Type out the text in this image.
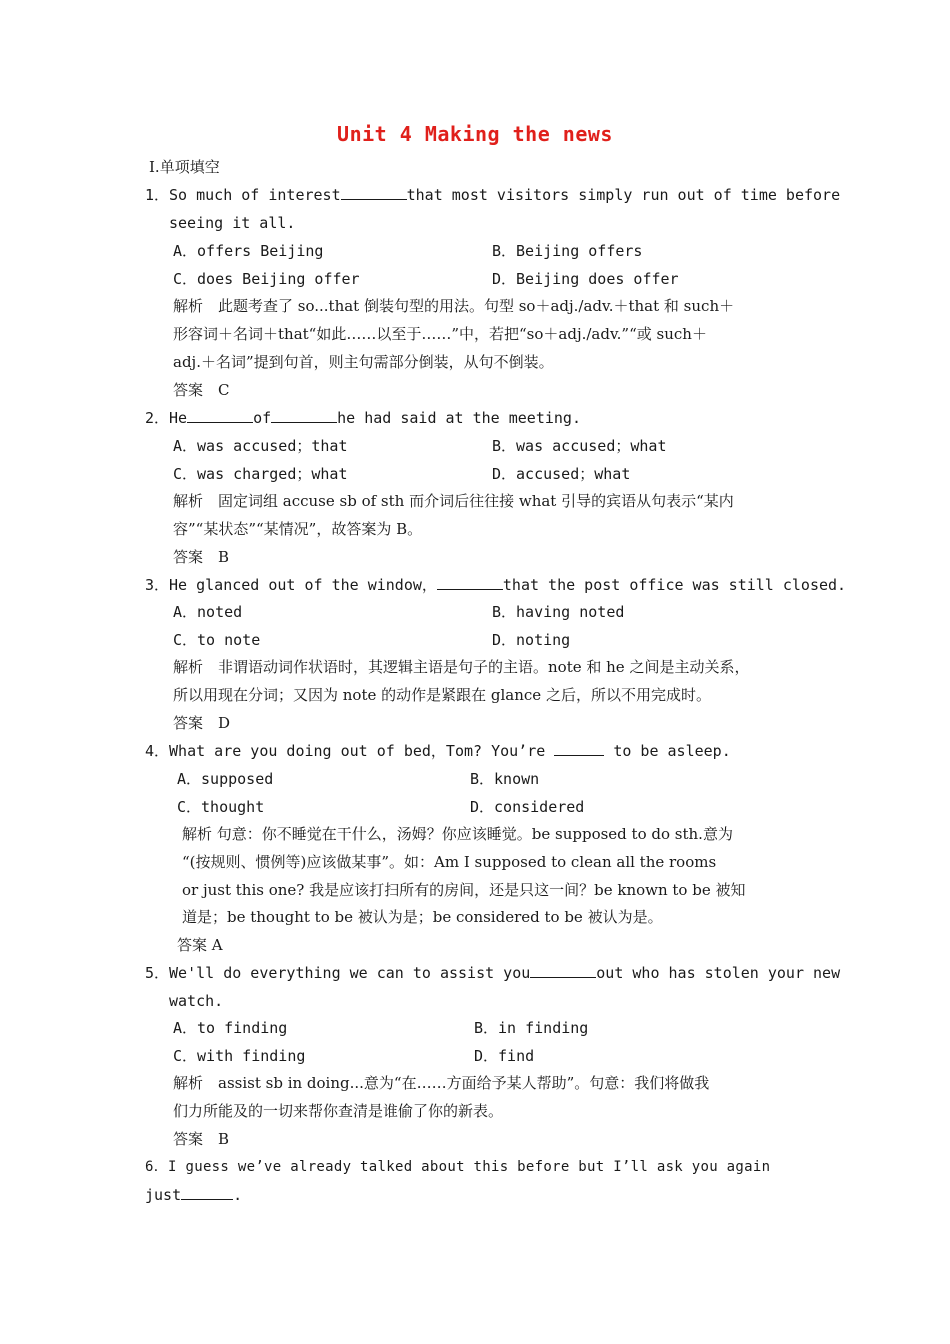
Unit 4 Making the news
Ⅰ.单项填空
1．So much of interest	that most visitors simply run out of time before
seeing it all.
A．offers Beijing	B．Beijing offers
C．does Beijing offer	D．Beijing does offer
解析　此题考查了 so...that 倒装句型的用法。句型 so＋adj./adv.＋that 和 such＋
形容词＋名词＋that“如此……以至于……”中，若把“so＋adj./adv.”“或 such＋
adj.＋名词”提到句首，则主句需部分倒装，从句不倒装。
答案　C
2．He	of	he had said at the meeting.
A．was accused；that	B．was accused；what
C．was charged；what	D．accused；what
解析　固定词组 accuse sb of sth 而介词后往往接 what 引导的宾语从句表示“某内
容”“某状态”“某情况”，故答案为 B。
答案　B
3．He glanced out of the window，	that the post office was still closed.
A．noted	B．having noted
C．to note	D．noting
解析　非谓语动词作状语时，其逻辑主语是句子的主语。note 和 he 之间是主动关系，
所以用现在分词；又因为 note 的动作是紧跟在 glance 之后，所以不用完成时。
答案　D
4．What are you doing out of bed，Tom? You’re	to be asleep.
A．supposed	B．known
C．thought	D．considered
解析 句意：你不睡觉在干什么，汤姆？你应该睡觉。be supposed to do sth.意为
“(按规则、惯例等)应该做某事”。如：Am I supposed to clean all the rooms
or just this one? 我是应该打扫所有的房间，还是只这一间？be known to be 被知
道是；be thought to be 被认为是；be considered to be 被认为是。
答案 A
5．We'll do everything we can to assist you	out who has stolen your new
watch.
A．to finding	B．in finding
C．with finding	D．find
解析　assist sb in doing...意为“在……方面给予某人帮助”。句意：我们将做我
们力所能及的一切来帮你查清是谁偷了你的新表。
答案　B
6．I guess we’ve already talked about this before but I’ll ask you again
just	.
